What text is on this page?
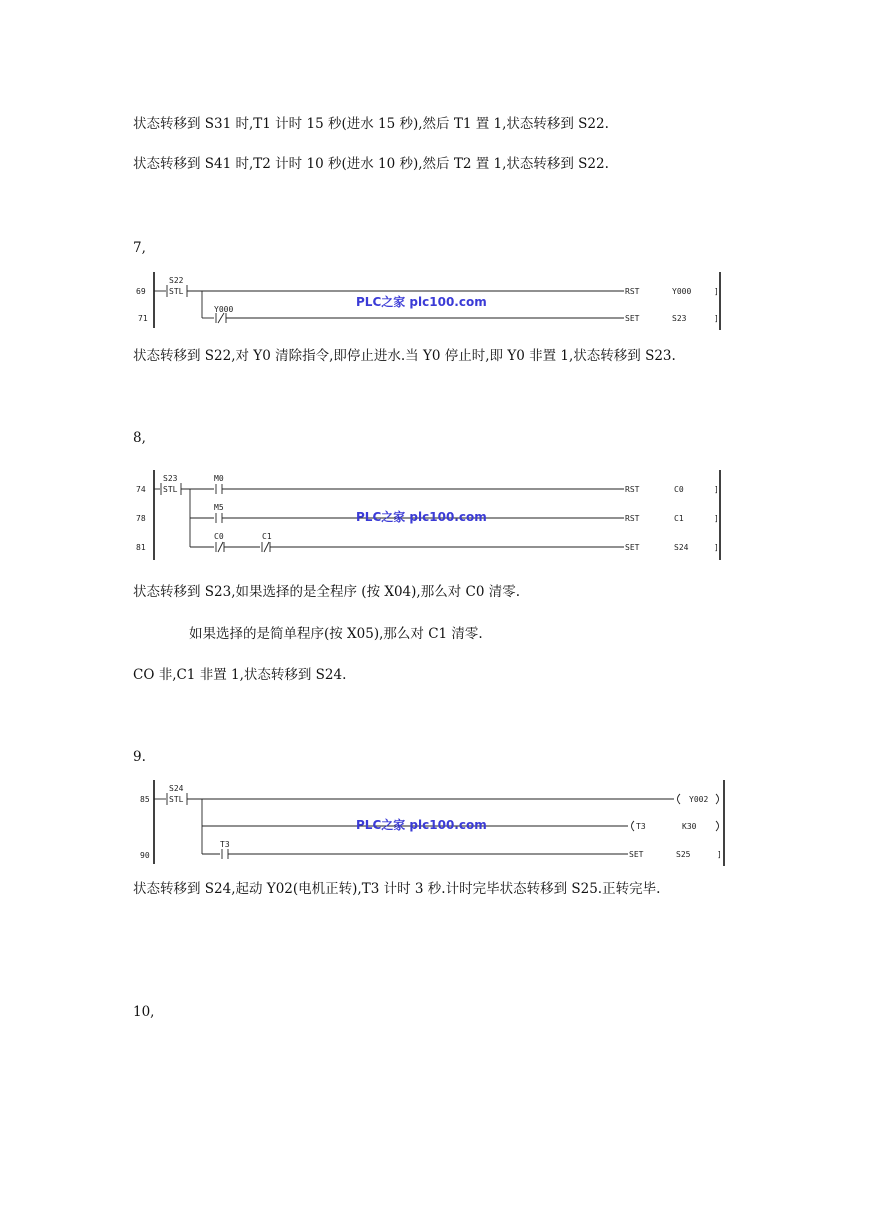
状态转移到 S31 时,T1 计时 15 秒(进水 15 秒),然后 T1 置 1,状态转移到 S22.
状态转移到 S41 时,T2 计时 10 秒(进水 10 秒),然后 T2 置 1,状态转移到 S22.
7,
69
71
S22
STL	RST	Y000	]
Y000
SET	S23	]
PLC之家 plc100.com
状态转移到 S22,对 Y0 清除指令,即停止进水.当 Y0 停止时,即 Y0 非置 1,状态转移到 S23.
8,
74
78
81
S23
STL
M0
RST	C0	]
M5
RST	C1	]
C0	C1
SET	S24	]
PLC之家 plc100.com
状态转移到 S23,如果选择的是全程序 (按 X04),那么对 C0 清零.
如果选择的是简单程序(按 X05),那么对 C1 清零.
CO 非,C1 非置 1,状态转移到 S24.
9.
85
90
S24
STL	Y002
T3	K30
T3
SET	S25	]
PLC之家 plc100.com
状态转移到 S24,起动 Y02(电机正转),T3 计时 3 秒.计时完毕状态转移到 S25.正转完毕.
10,
